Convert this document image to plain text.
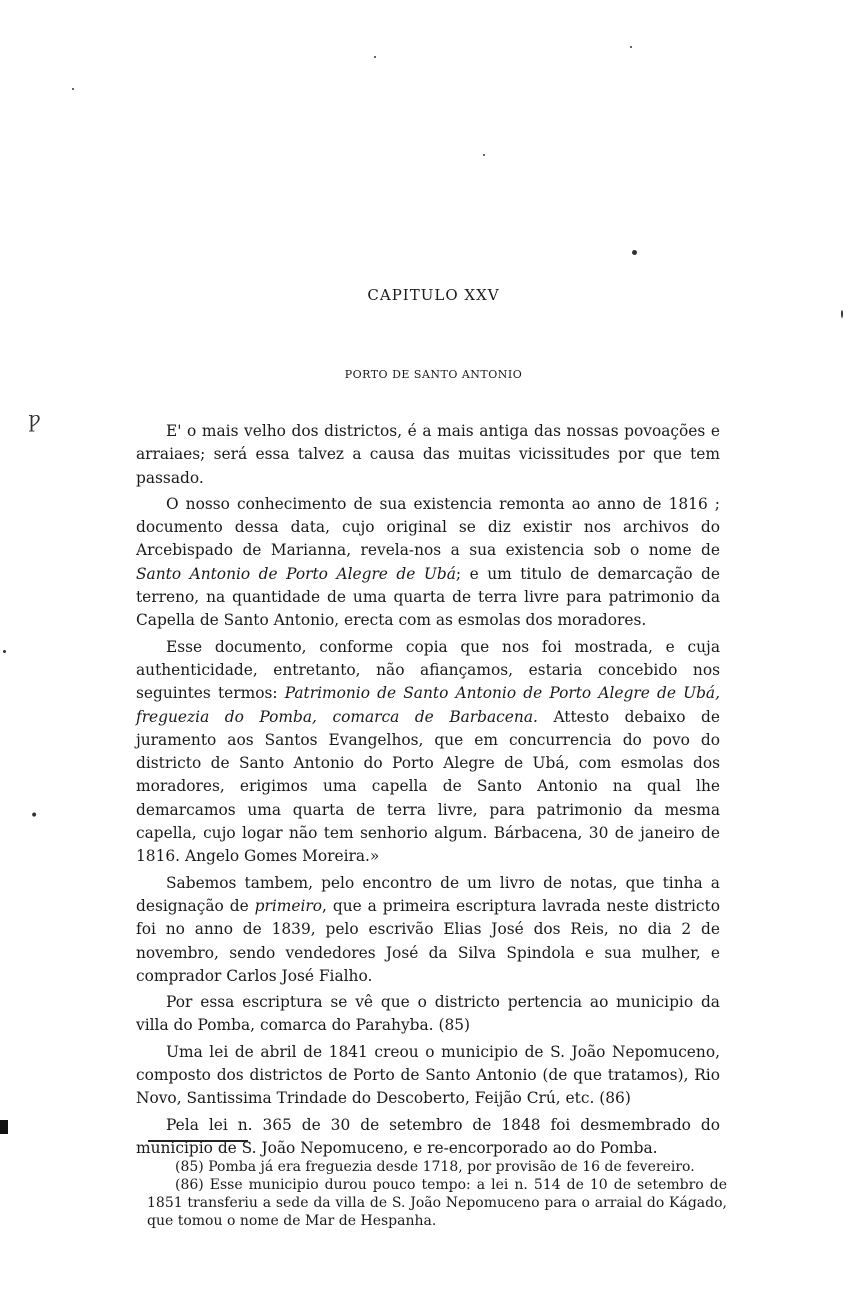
Ƿ
•
CAPITULO XXV
PORTO DE SANTO ANTONIO

E' o mais velho dos districtos, é a mais antiga das nossas povoações e arraiaes; será essa talvez a causa das muitas vicissitudes por que tem passado.

O nosso conhecimento de sua existencia remonta ao anno de 1816 ; documento dessa data, cujo original se diz existir nos archivos do Arcebispado de Marianna, revela-nos a sua existencia sob o nome de Santo Antonio de Porto Alegre de Ubá; e um titulo de demarcação de terreno, na quantidade de uma quarta de terra livre para patrimonio da Capella de Santo Antonio, erecta com as esmolas dos moradores.

Esse documento, conforme copia que nos foi mostrada, e cuja authenticidade, entretanto, não afiançamos, estaria concebido nos seguintes termos: Patrimonio de Santo Antonio de Porto Alegre de Ubá, freguezia do Pomba, comarca de Barbacena. Attesto debaixo de juramento aos Santos Evangelhos, que em concurrencia do povo do districto de Santo Antonio do Porto Alegre de Ubá, com esmolas dos moradores, erigimos uma capella de Santo Antonio na qual lhe demarcamos uma quarta de terra livre, para patrimonio da mesma capella, cujo logar não tem senhorio algum. Bárbacena, 30 de janeiro de 1816. Angelo Gomes Moreira.»

Sabemos tambem, pelo encontro de um livro de notas, que tinha a designação de primeiro, que a primeira escriptura lavrada neste districto foi no anno de 1839, pelo escrivão Elias José dos Reis, no dia 2 de novembro, sendo vendedores José da Silva Spindola e sua mulher, e comprador Carlos José Fialho.

Por essa escriptura se vê que o districto pertencia ao municipio da villa do Pomba, comarca do Parahyba. (85)

Uma lei de abril de 1841 creou o municipio de S. João Nepomuceno, composto dos districtos de Porto de Santo Antonio (de que tratamos), Rio Novo, Santissima Trindade do Descoberto, Feijão Crú, etc. (86)

Pela lei n. 365 de 30 de setembro de 1848 foi desmembrado do municipio de S. João Nepomuceno, e re-encorporado ao do Pomba.

(85) Pomba já era freguezia desde 1718, por provisão de 16 de fevereiro.

(86) Esse municipio durou pouco tempo: a lei n. 514 de 10 de setembro de 1851 transferiu a sede da villa de S. João Nepomuceno para o arraial do Kágado, que tomou o nome de Mar de Hespanha.
